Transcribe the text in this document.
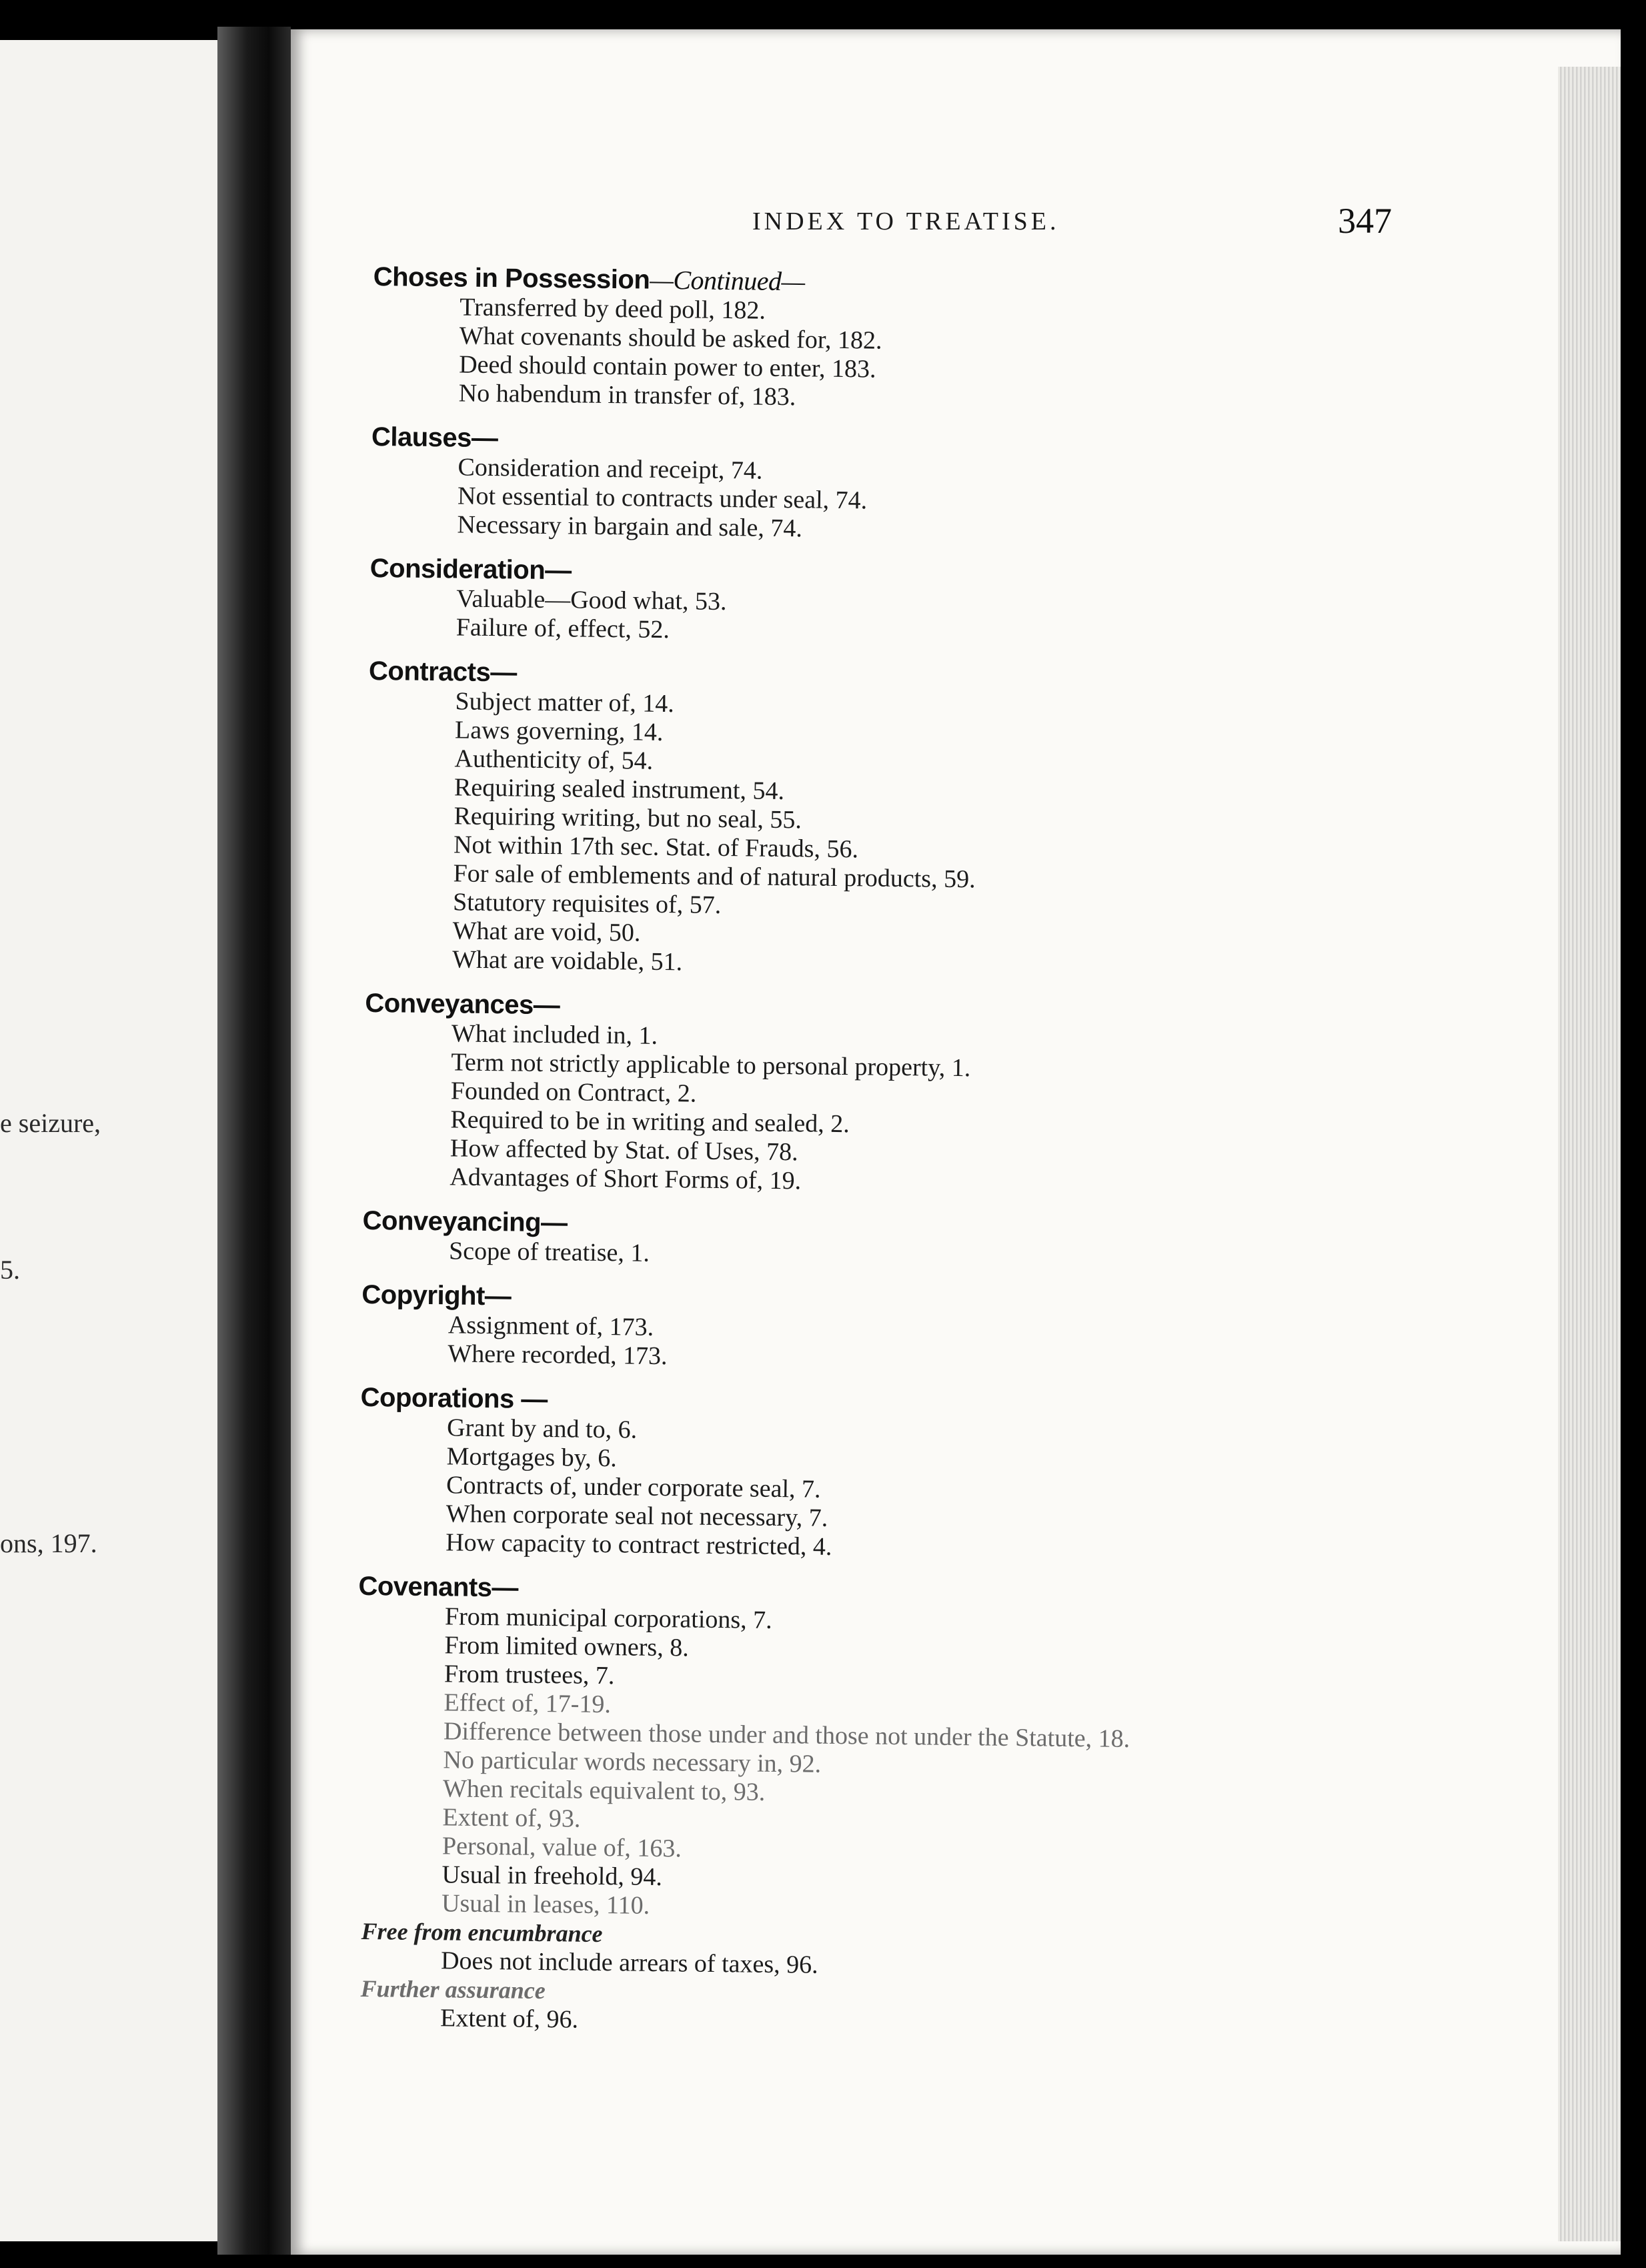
e seizure,
5.
ons, 197.
INDEX TO TREATISE.	347
Choses in Possession—Continued—
Transferred by deed poll, 182.
What covenants should be asked for, 182.
Deed should contain power to enter, 183.
No habendum in transfer of, 183.
Clauses—
Consideration and receipt, 74.
Not essential to contracts under seal, 74.
Necessary in bargain and sale, 74.
Consideration—
Valuable—Good what, 53.
Failure of, effect, 52.
Contracts—
Subject matter of, 14.
Laws governing, 14.
Authenticity of, 54.
Requiring sealed instrument, 54.
Requiring writing, but no seal, 55.
Not within 17th sec. Stat. of Frauds, 56.
For sale of emblements and of natural products, 59.
Statutory requisites of, 57.
What are void, 50.
What are voidable, 51.
Conveyances—
What included in, 1.
Term not strictly applicable to personal property, 1.
Founded on Contract, 2.
Required to be in writing and sealed, 2.
How affected by Stat. of Uses, 78.
Advantages of Short Forms of, 19.
Conveyancing—
Scope of treatise, 1.
Copyright—
Assignment of, 173.
Where recorded, 173.
Coporations —
Grant by and to, 6.
Mortgages by, 6.
Contracts of, under corporate seal, 7.
When corporate seal not necessary, 7.
How capacity to contract restricted, 4.
Covenants—
From municipal corporations, 7.
From limited owners, 8.
From trustees, 7.
Effect of, 17-19.
Difference between those under and those not under the Statute, 18.
No particular words necessary in, 92.
When recitals equivalent to, 93.
Extent of, 93.
Personal, value of, 163.
Usual in freehold, 94.
Usual in leases, 110.
Free from encumbrance
Does not include arrears of taxes, 96.
Further assurance
Extent of, 96.
